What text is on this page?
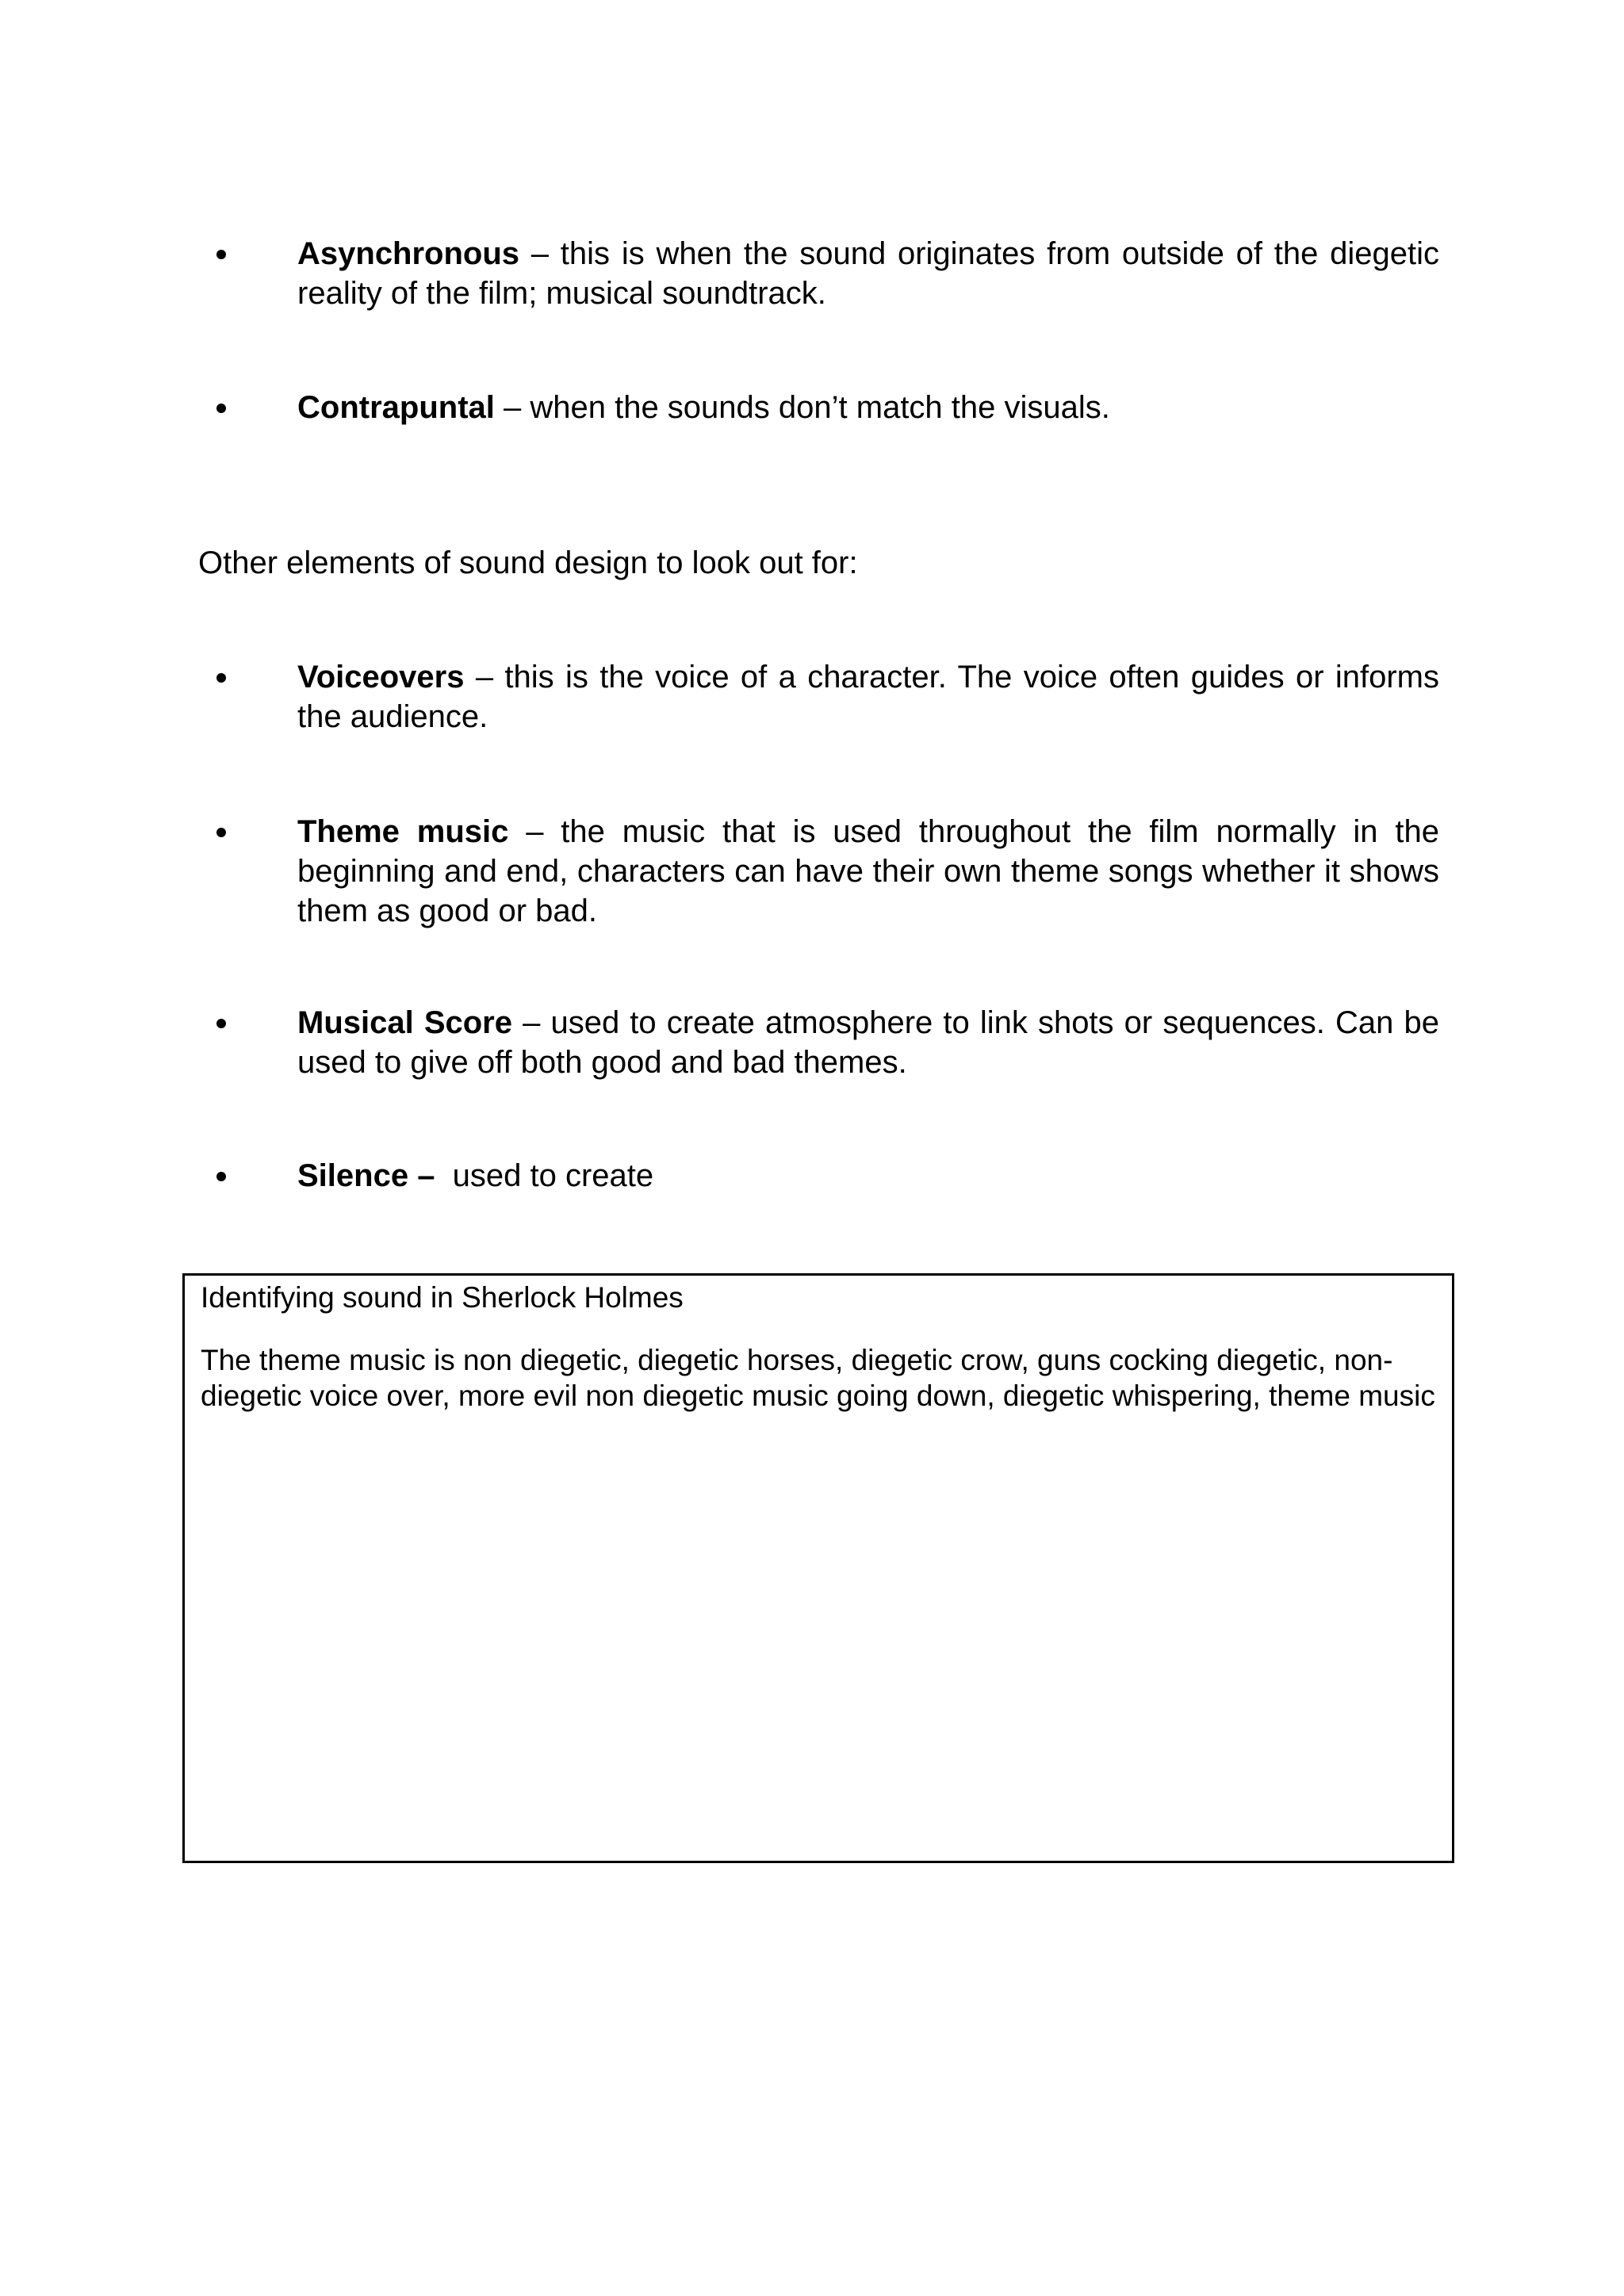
Asynchronous – this is when the sound originates from outside of the diegetic reality of the film; musical soundtrack.
Contrapuntal – when the sounds don’t match the visuals.
Other elements of sound design to look out for:
Voiceovers – this is the voice of a character. The voice often guides or informs the audience.
Theme music – the music that is used throughout the film normally in the beginning and end, characters can have their own theme songs whether it shows them as good or bad.
Musical Score – used to create atmosphere to link shots or sequences. Can be used to give off both good and bad themes.
Silence –  used to create
Identifying sound in Sherlock Holmes
The theme music is non diegetic, diegetic horses, diegetic crow, guns cocking diegetic, non-diegetic voice over, more evil non diegetic music going down, diegetic whispering, theme music
